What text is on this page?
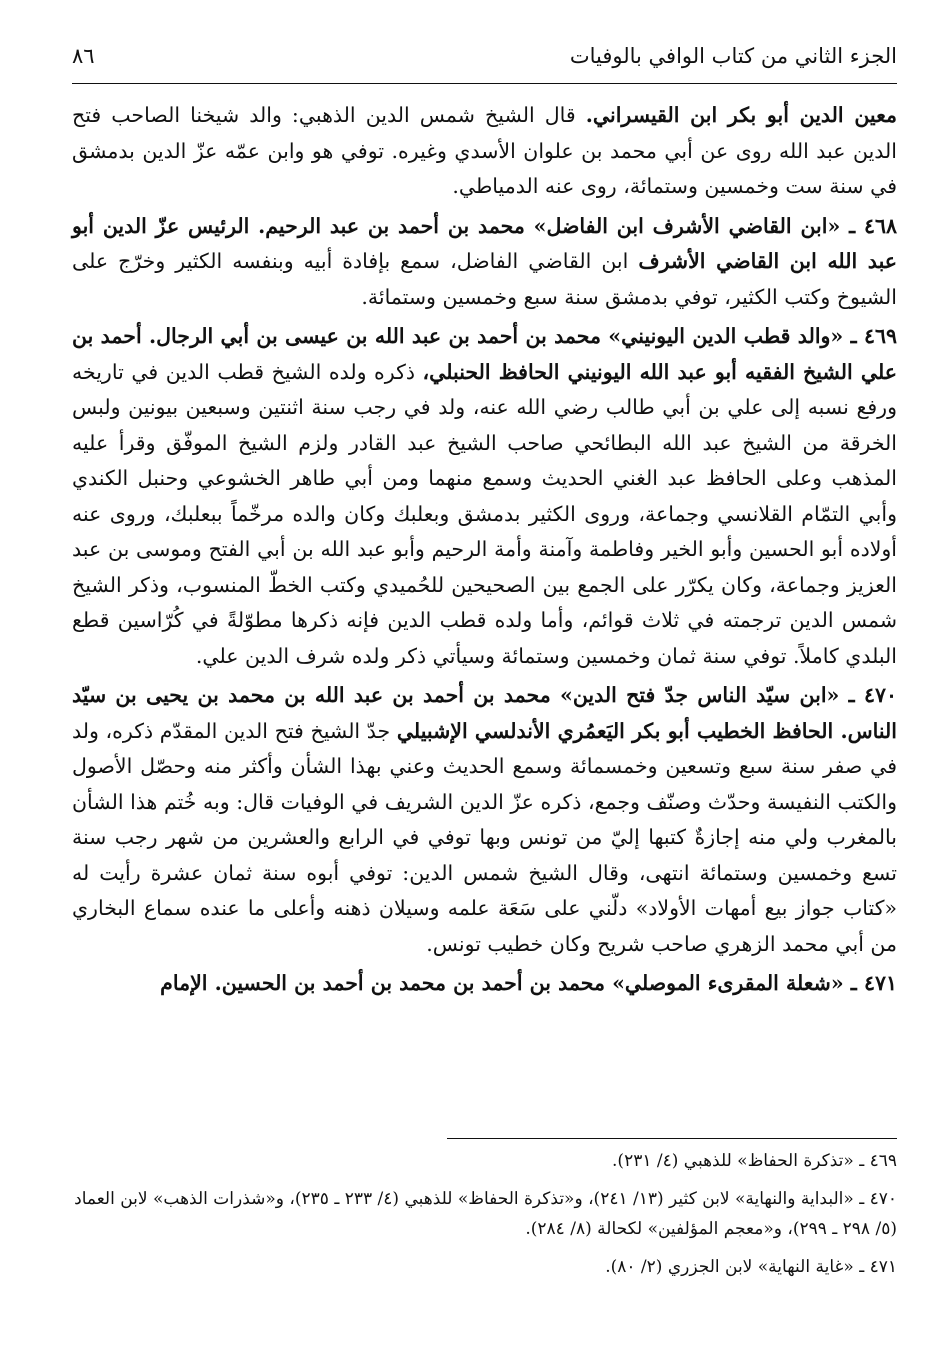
الجزء الثاني من كتاب الوافي بالوفيات
٨٦

معين الدين أبو بكر ابن القيسراني. قال الشيخ شمس الدين الذهبي: والد شيخنا الصاحب فتح الدين عبد الله روى عن أبي محمد بن علوان الأسدي وغيره. توفي هو وابن عمّه عزّ الدين بدمشق في سنة ست وخمسين وستمائة، روى عنه الدمياطي.

٤٦٨ ـ «ابن القاضي الأشرف ابن الفاضل» محمد بن أحمد بن عبد الرحيم. الرئيس عزّ الدين أبو عبد الله ابن القاضي الأشرف ابن القاضي الفاضل، سمع بإفادة أبيه وبنفسه الكثير وخرّج على الشيوخ وكتب الكثير، توفي بدمشق سنة سبع وخمسين وستمائة.

٤٦٩ ـ «والد قطب الدين اليونيني» محمد بن أحمد بن عبد الله بن عيسى بن أبي الرجال. أحمد بن علي الشيخ الفقيه أبو عبد الله اليونيني الحافظ الحنبلي، ذكره ولده الشيخ قطب الدين في تاريخه ورفع نسبه إلى علي بن أبي طالب رضي الله عنه، ولد في رجب سنة اثنتين وسبعين بيونين ولبس الخرقة من الشيخ عبد الله البطائحي صاحب الشيخ عبد القادر ولزم الشيخ الموفّق وقرأ عليه المذهب وعلى الحافظ عبد الغني الحديث وسمع منهما ومن أبي طاهر الخشوعي وحنبل الكندي وأبي التمّام القلانسي وجماعة، وروى الكثير بدمشق وبعلبك وكان والده مرخّماً ببعلبك، وروى عنه أولاده أبو الحسين وأبو الخير وفاطمة وآمنة وأمة الرحيم وأبو عبد الله بن أبي الفتح وموسى بن عبد العزيز وجماعة، وكان يكرّر على الجمع بين الصحيحين للحُميدي وكتب الخطّ المنسوب، وذكر الشيخ شمس الدين ترجمته في ثلاث قوائم، وأما ولده قطب الدين فإنه ذكرها مطوّلةً في كُرّاسين قطع البلدي كاملاً. توفي سنة ثمان وخمسين وستمائة وسيأتي ذكر ولده شرف الدين علي.

٤٧٠ ـ «ابن سيّد الناس جدّ فتح الدين» محمد بن أحمد بن عبد الله بن محمد بن يحيى بن سيّد الناس. الحافظ الخطيب أبو بكر اليَعمُري الأندلسي الإشبيلي جدّ الشيخ فتح الدين المقدّم ذكره، ولد في صفر سنة سبع وتسعين وخمسمائة وسمع الحديث وعني بهذا الشأن وأكثر منه وحصّل الأصول والكتب النفيسة وحدّث وصنّف وجمع، ذكره عزّ الدين الشريف في الوفيات قال: وبه خُتم هذا الشأن بالمغرب ولي منه إجازةٌ كتبها إليّ من تونس وبها توفي في الرابع والعشرين من شهر رجب سنة تسع وخمسين وستمائة انتهى، وقال الشيخ شمس الدين: توفي أبوه سنة ثمان عشرة رأيت له «كتاب جواز بيع أمهات الأولاد» دلّني على سَعَة علمه وسيلان ذهنه وأعلى ما عنده سماع البخاري من أبي محمد الزهري صاحب شريح وكان خطيب تونس.

٤٧١ ـ «شعلة المقرىء الموصلي» محمد بن أحمد بن محمد بن أحمد بن الحسين. الإمام

٤٦٩ ـ «تذكرة الحفاظ» للذهبي (٤/ ٢٣١).

٤٧٠ ـ «البداية والنهاية» لابن كثير (١٣/ ٢٤١)، و«تذكرة الحفاظ» للذهبي (٤/ ٢٣٣ ـ ٢٣٥)، و«شذرات الذهب» لابن العماد (٥/ ٢٩٨ ـ ٢٩٩)، و«معجم المؤلفين» لكحالة (٨/ ٢٨٤).

٤٧١ ـ «غاية النهاية» لابن الجزري (٢/ ٨٠).
